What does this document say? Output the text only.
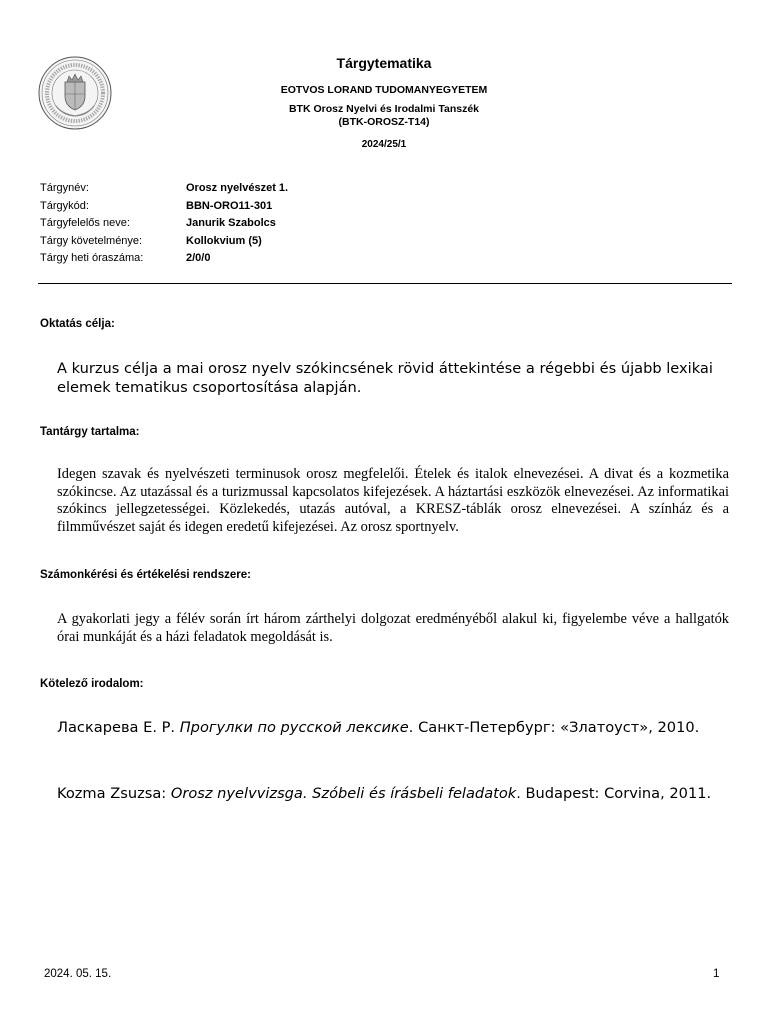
Tárgytematika
EOTVOS LORAND TUDOMANYEGYETEM
BTK Orosz Nyelvi és Irodalmi Tanszék
(BTK-OROSZ-T14)
2024/25/1
Tárgynév:	Orosz nyelvészet 1.
Tárgykód:	BBN-ORO11-301
Tárgyfelelős neve:	Janurik Szabolcs
Tárgy követelménye:	Kollokvium (5)
Tárgy heti óraszáma:	2/0/0
Oktatás célja:
A kurzus célja a mai orosz nyelv szókincsének rövid áttekintése a régebbi és újabb lexikai elemek tematikus csoportosítása alapján.
Tantárgy tartalma:
Idegen szavak és nyelvészeti terminusok orosz megfelelői. Ételek és italok elnevezései. A divat és a kozmetika szókincse. Az utazással és a turizmussal kapcsolatos kifejezések. A háztartási eszközök elnevezései. Az informatikai szókincs jellegzetességei. Közlekedés, utazás autóval, a KRESZ-táblák orosz elnevezései. A színház és a filmművészet saját és idegen eredetű kifejezései. Az orosz sportnyelv.
Számonkérési és értékelési rendszere:
A gyakorlati jegy a félév során írt három zárthelyi dolgozat eredményéből alakul ki, figyelembe véve a hallgatók órai munkáját és a házi feladatok megoldását is.
Kötelező irodalom:
Ласкарева Е. Р. Прогулки по русской лексике. Санкт-Петербург: «Златоуст», 2010.
Kozma Zsuzsa: Orosz nyelvvizsga. Szóbeli és írásbeli feladatok. Budapest: Corvina, 2011.
2024. 05. 15.	1
